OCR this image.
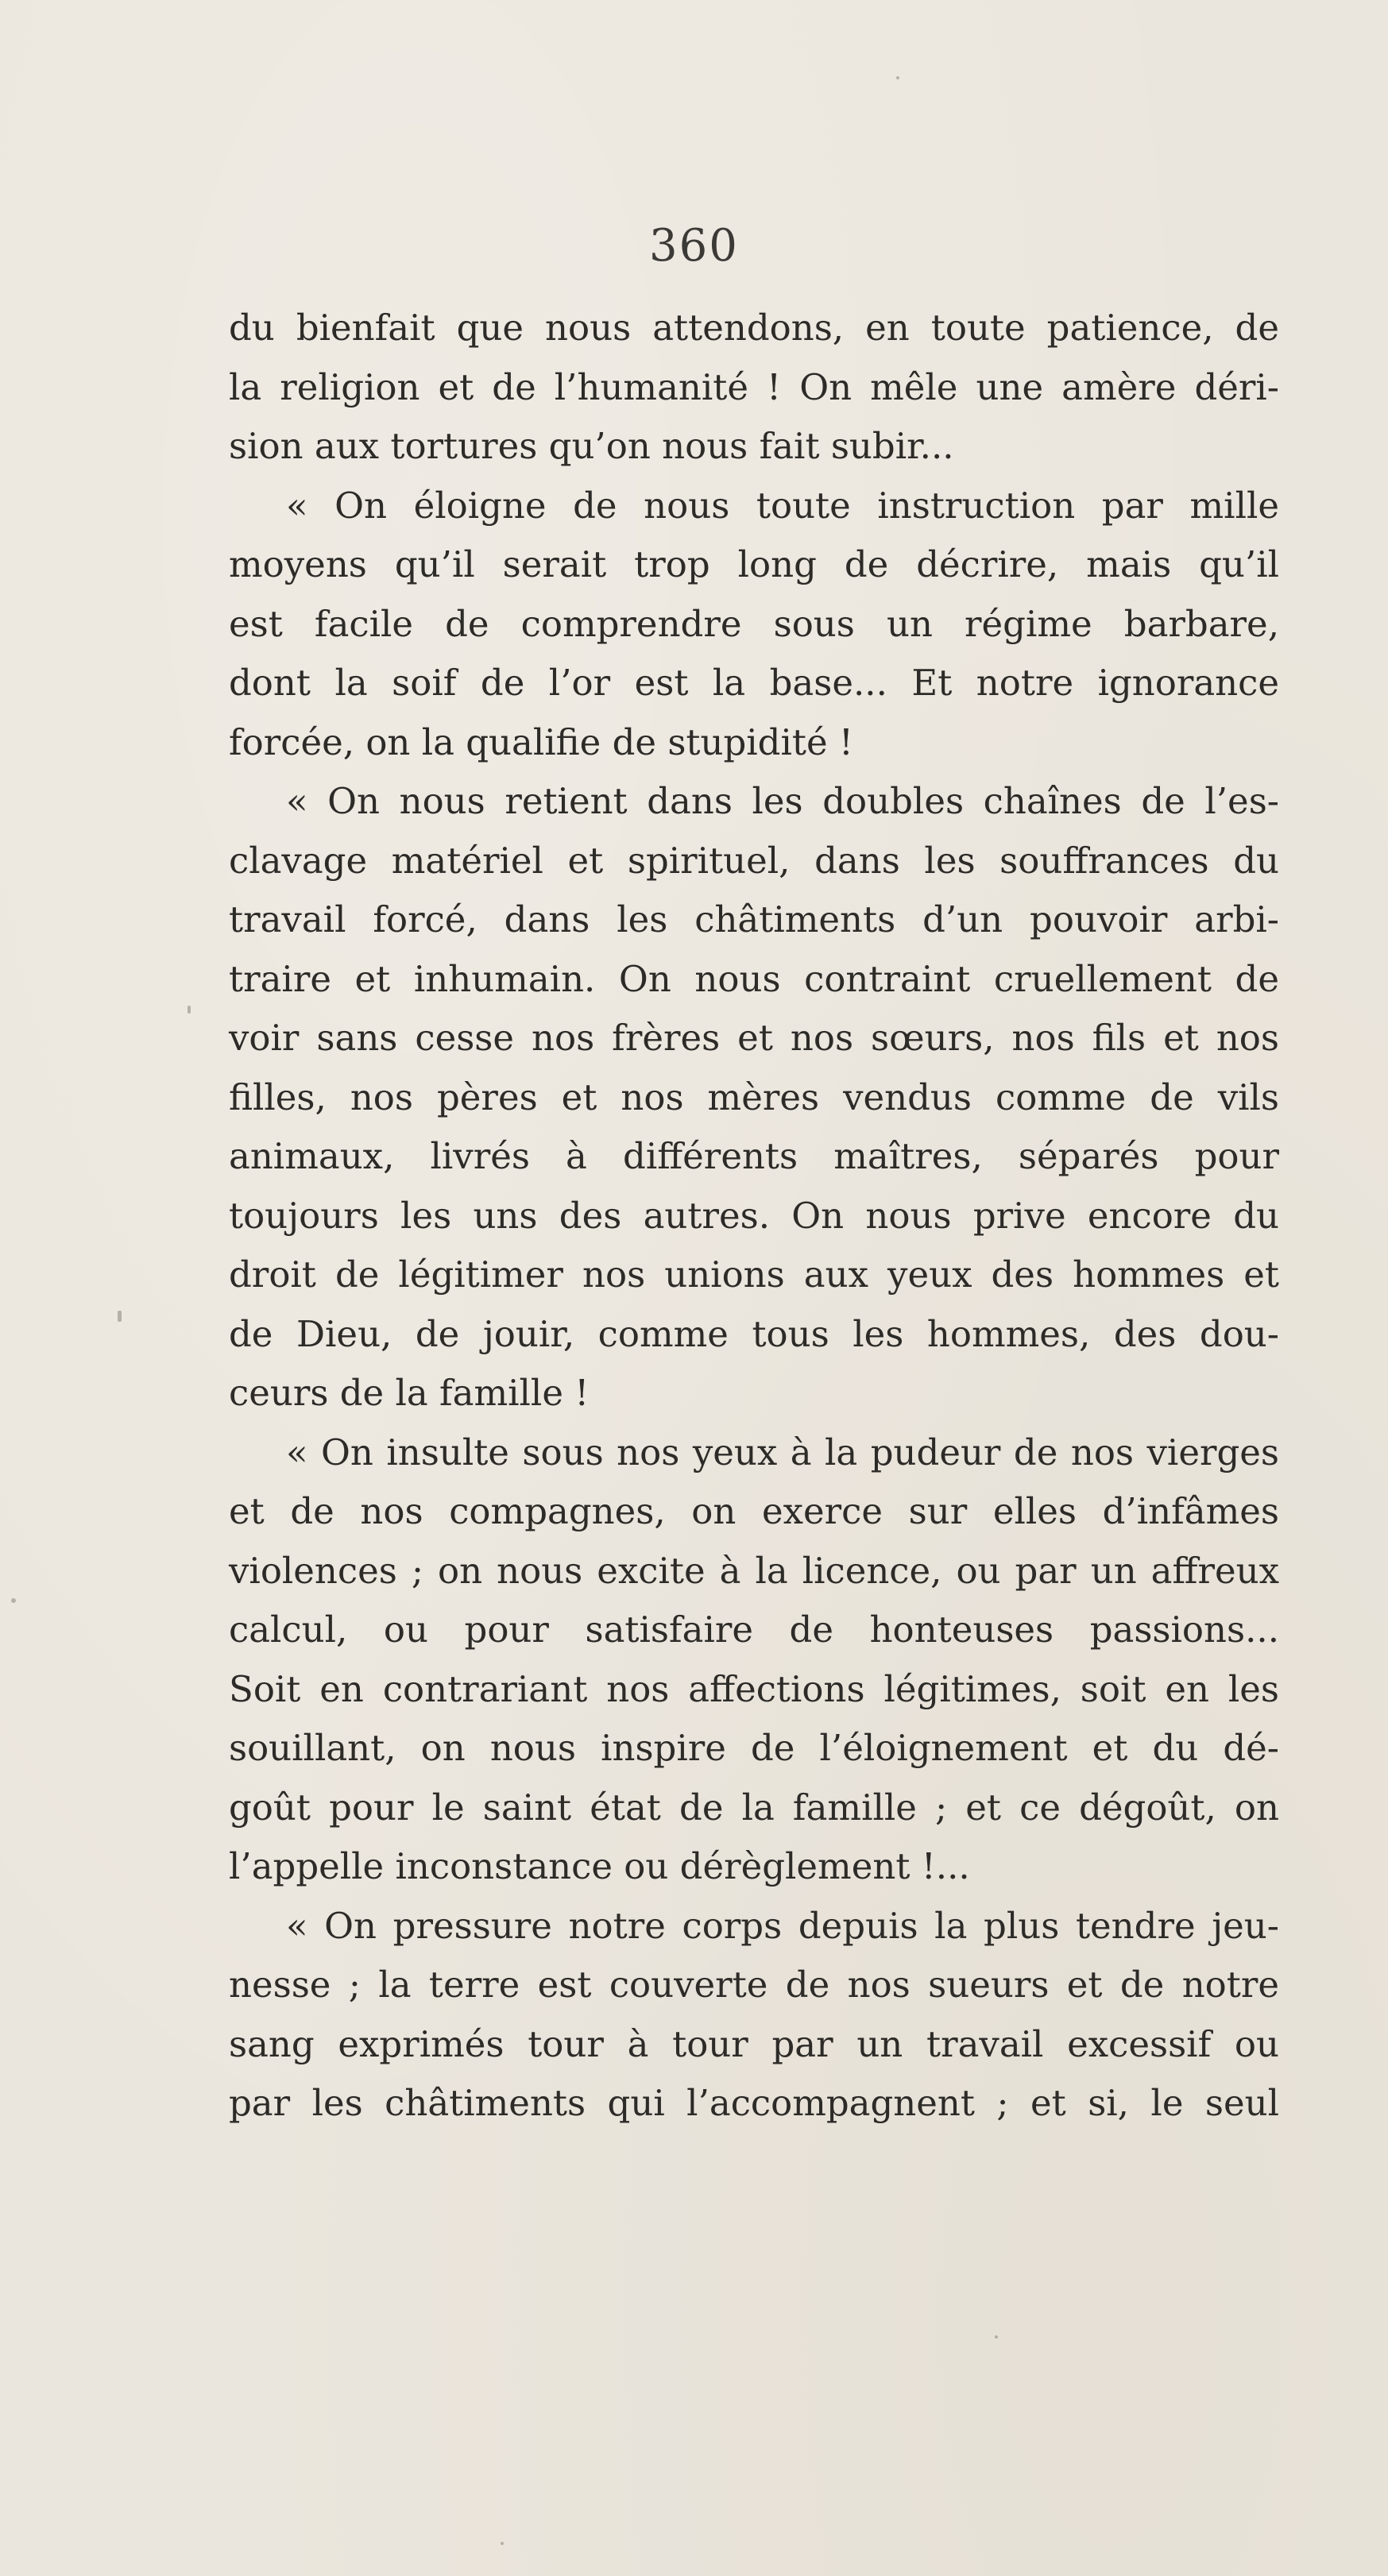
360
du bienfait que nous attendons, en toute patience, de
la religion et de l’humanité ! On mêle une amère déri-
sion aux tortures qu’on nous fait subir...
« On éloigne de nous toute instruction par mille
moyens qu’il serait trop long de décrire, mais qu’il
est facile de comprendre sous un régime barbare,
dont la soif de l’or est la base... Et notre ignorance
forcée, on la qualifie de stupidité !
« On nous retient dans les doubles chaînes de l’es-
clavage matériel et spirituel, dans les souffrances du
travail forcé, dans les châtiments d’un pouvoir arbi-
traire et inhumain. On nous contraint cruellement de
voir sans cesse nos frères et nos sœurs, nos fils et nos
filles, nos pères et nos mères vendus comme de vils
animaux, livrés à différents maîtres, séparés pour
toujours les uns des autres. On nous prive encore du
droit de légitimer nos unions aux yeux des hommes et
de Dieu, de jouir, comme tous les hommes, des dou-
ceurs de la famille !
« On insulte sous nos yeux à la pudeur de nos vierges
et de nos compagnes, on exerce sur elles d’infâmes
violences ; on nous excite à la licence, ou par un affreux
calcul, ou pour satisfaire de honteuses passions...
Soit en contrariant nos affections légitimes, soit en les
souillant, on nous inspire de l’éloignement et du dé-
goût pour le saint état de la famille ; et ce dégoût, on
l’appelle inconstance ou dérèglement !...
« On pressure notre corps depuis la plus tendre jeu-
nesse ; la terre est couverte de nos sueurs et de notre
sang exprimés tour à tour par un travail excessif ou
par les châtiments qui l’accompagnent ; et si, le seul
